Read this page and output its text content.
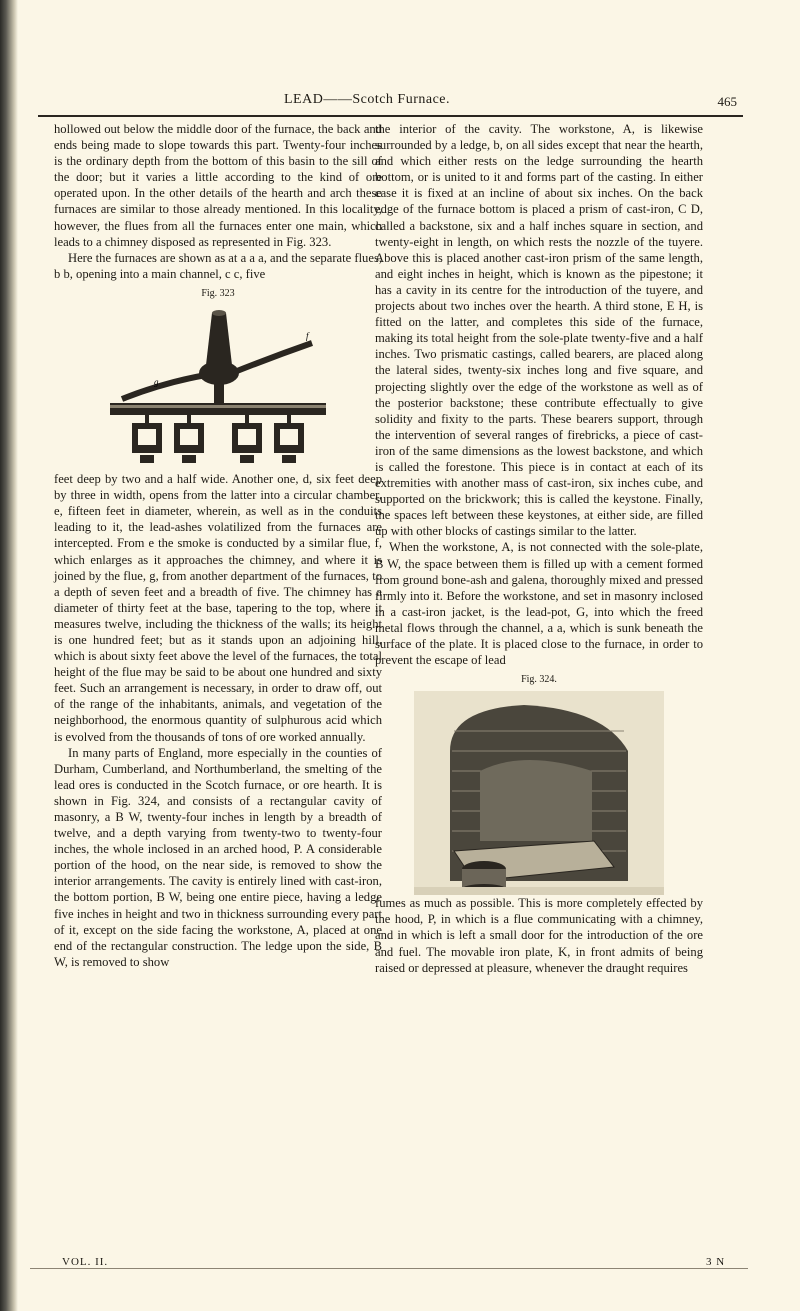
LEAD——Scotch Furnace.	465

hollowed out below the middle door of the furnace, the back and ends being made to slope towards this part. Twenty-four inches is the ordinary depth from the bottom of this basin to the sill of the door; but it varies a little according to the kind of ore operated upon. In the other details of the hearth and arch these furnaces are similar to those already mentioned. In this locality, however, the flues from all the furnaces enter one main, which leads to a chimney disposed as represented in Fig. 323.

Here the furnaces are shown as at a a a, and the separate flues, b b, opening into a main channel, c c, five

Fig. 323
g
f

feet deep by two and a half wide. Another one, d, six feet deep by three in width, opens from the latter into a circular chamber, e, fifteen feet in diameter, wherein, as well as in the conduits leading to it, the lead-ashes volatilized from the furnaces are intercepted. From e the smoke is conducted by a similar flue, f, which enlarges as it approaches the chimney, and where it is joined by the flue, g, from another department of the furnaces, to a depth of seven feet and a breadth of five. The chimney has a diameter of thirty feet at the base, tapering to the top, where it measures twelve, including the thickness of the walls; its height is one hundred feet; but as it stands upon an adjoining hill, which is about sixty feet above the level of the furnaces, the total height of the flue may be said to be about one hundred and sixty feet. Such an arrangement is necessary, in order to draw off, out of the range of the inhabitants, animals, and vegetation of the neighborhood, the enormous quantity of sulphurous acid which is evolved from the thousands of tons of ore worked annually.

In many parts of England, more especially in the counties of Durham, Cumberland, and Northumberland, the smelting of the lead ores is conducted in the Scotch furnace, or ore hearth. It is shown in Fig. 324, and consists of a rectangular cavity of masonry, a B W, twenty-four inches in length by a breadth of twelve, and a depth varying from twenty-two to twenty-four inches, the whole inclosed in an arched hood, P. A considerable portion of the hood, on the near side, is removed to show the interior arrangements. The cavity is entirely lined with cast-iron, the bottom portion, B W, being one entire piece, having a ledge five inches in height and two in thickness surrounding every part of it, except on the side facing the workstone, A, placed at one end of the rectangular construction. The ledge upon the side, B W, is removed to show

the interior of the cavity. The workstone, A, is likewise surrounded by a ledge, b, on all sides except that near the hearth, and which either rests on the ledge surrounding the hearth bottom, or is united to it and forms part of the casting. In either case it is fixed at an incline of about six inches. On the back edge of the furnace bottom is placed a prism of cast-iron, C D, called a backstone, six and a half inches square in section, and twenty-eight in length, on which rests the nozzle of the tuyere. Above this is placed another cast-iron prism of the same length, and eight inches in height, which is known as the pipestone; it has a cavity in its centre for the introduction of the tuyere, and projects about two inches over the hearth. A third stone, E H, is fitted on the latter, and completes this side of the furnace, making its total height from the sole-plate twenty-five and a half inches. Two prismatic castings, called bearers, are placed along the lateral sides, twenty-six inches long and five square, and projecting slightly over the edge of the workstone as well as of the posterior backstone; these contribute effectually to give solidity and fixity to the parts. These bearers support, through the intervention of several ranges of firebricks, a piece of cast-iron of the same dimensions as the lowest backstone, and which is called the forestone. This piece is in contact at each of its extremities with another mass of cast-iron, six inches cube, and supported on the brickwork; this is called the keystone. Finally, the spaces left between these keystones, at either side, are filled up with other blocks of castings similar to the latter.

When the workstone, A, is not connected with the sole-plate, B W, the space between them is filled up with a cement formed from ground bone-ash and galena, thoroughly mixed and pressed firmly into it. Before the workstone, and set in masonry inclosed in a cast-iron jacket, is the lead-pot, G, into which the freed metal flows through the channel, a a, which is sunk beneath the surface of the plate. It is placed close to the furnace, in order to prevent the escape of lead

Fig. 324.

fumes as much as possible. This is more completely effected by the hood, P, in which is a flue communicating with a chimney, and in which is left a small door for the introduction of the ore and fuel. The movable iron plate, K, in front admits of being raised or depressed at pleasure, whenever the draught requires

VOL. II.	3 N
